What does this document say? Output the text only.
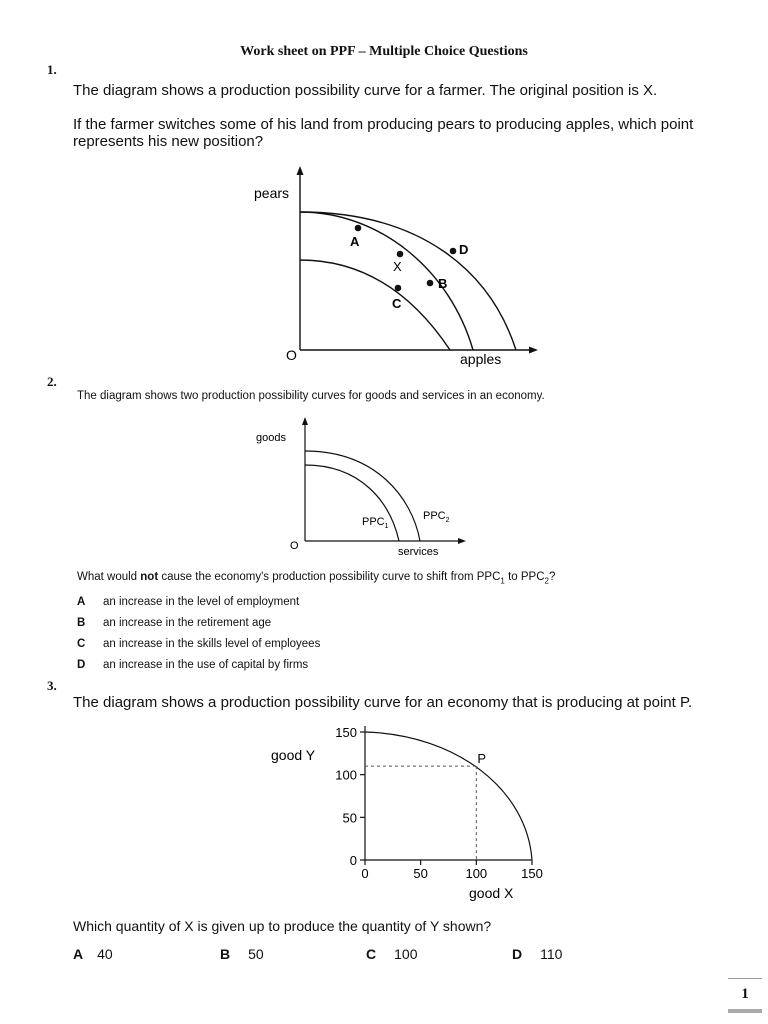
Work sheet on PPF – Multiple Choice Questions
1.
The diagram shows a production possibility curve for a farmer. The original position is X.
If the farmer switches some of his land from producing pears to producing apples, which point
represents his new position?
pears
apples
O
A
X
B
C
D
2.
The diagram shows two production possibility curves for goods and services in an economy.
goods
services
O
$PPC_1$
$PPC_2$
What would not cause the economy's production possibility curve to shift from $PPC_1$ to $PPC_2$?
A an increase in the level of employment
B an increase in the retirement age
C an increase in the skills level of employees
D an increase in the use of capital by firms
3.
The diagram shows a production possibility curve for an economy that is producing at point P.
0
50
100
150
0	50	100	150
good Y
good X
P
Which quantity of X is given up to produce the quantity of Y shown?
A 40	B 50	C 100	D 110
1
